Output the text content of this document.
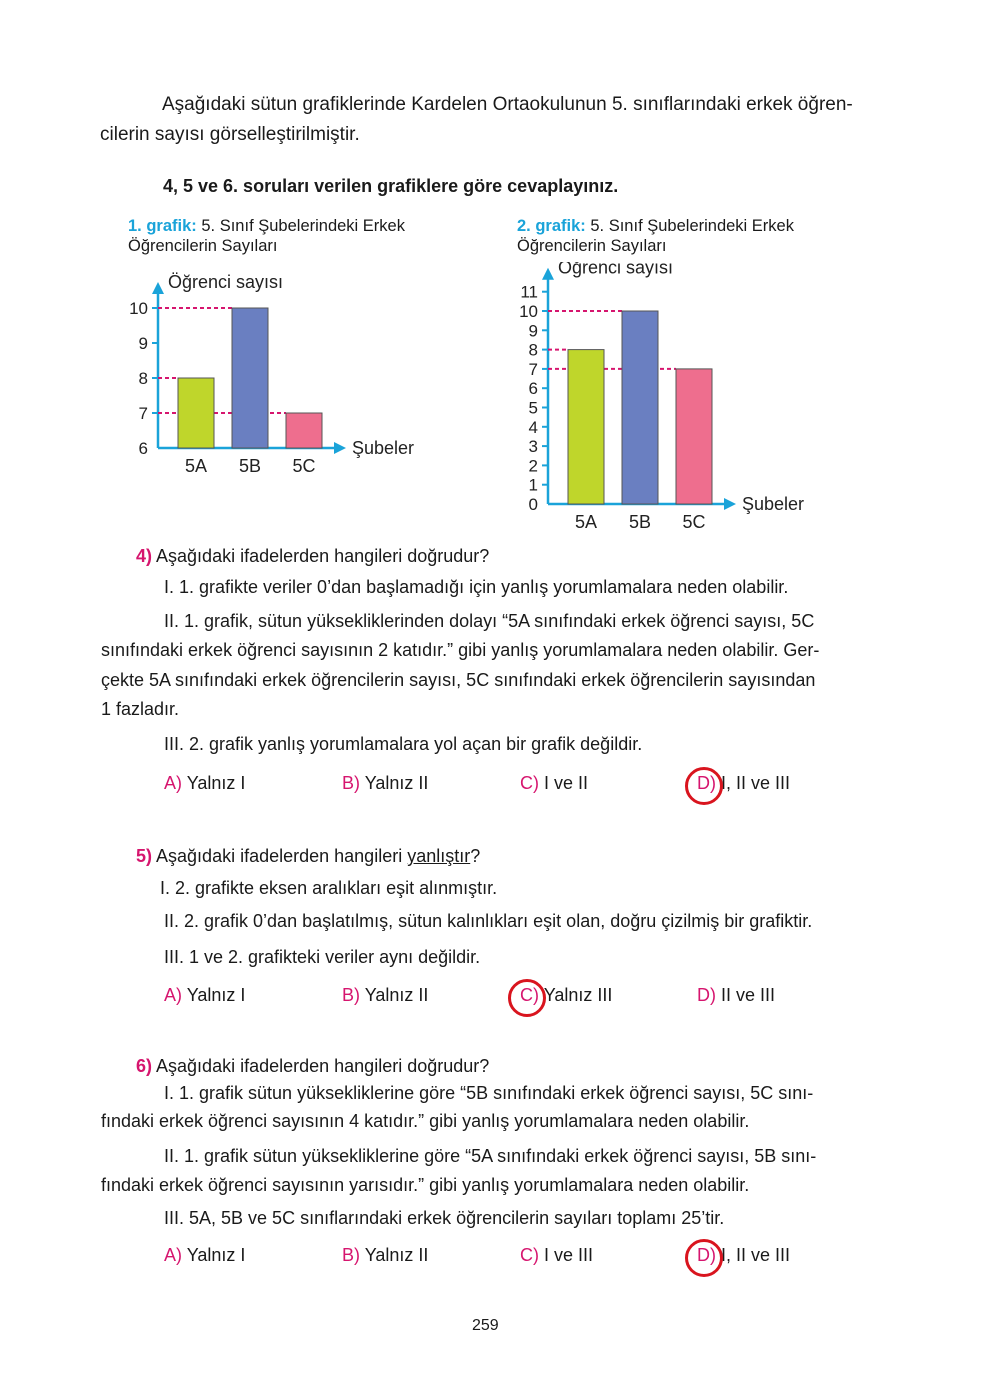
Aşağıdaki sütun grafiklerinde Kardelen Ortaokulunun 5. sınıflarındaki erkek öğren-
cilerin sayısı görselleştirilmiştir.
4, 5 ve 6. soruları verilen grafiklere göre cevaplayınız.
1. grafik: 5. Sınıf Şubelerindeki Erkek
Öğrencilerin Sayıları
2. grafik: 5. Sınıf Şubelerindeki Erkek
Öğrencilerin Sayıları
Öğrenci sayısı
Şubeler
6
7
8
9
10
5A 5B 5C
Öğrenci sayısı
Şubeler
0
1
2
3
4
5
6
7
8
9
10
11
5A 5B 5C
4) Aşağıdaki ifadelerden hangileri doğrudur?
I. 1. grafikte veriler 0’dan başlamadığı için yanlış yorumlamalara neden olabilir.
II. 1. grafik, sütun yüksekliklerinden dolayı “5A sınıfındaki erkek öğrenci sayısı, 5C
sınıfındaki erkek öğrenci sayısının 2 katıdır.” gibi yanlış yorumlamalara neden olabilir. Ger-
çekte 5A sınıfındaki erkek öğrencilerin sayısı, 5C sınıfındaki erkek öğrencilerin sayısından
1 fazladır.
III. 2. grafik yanlış yorumlamalara yol açan bir grafik değildir.
A) Yalnız I	B) Yalnız II	C) I ve II	D) I, II ve III
5) Aşağıdaki ifadelerden hangileri yanlıştır?
I. 2. grafikte eksen aralıkları eşit alınmıştır.
II. 2. grafik 0’dan başlatılmış, sütun kalınlıkları eşit olan, doğru çizilmiş bir grafiktir.
III. 1 ve 2. grafikteki veriler aynı değildir.
A) Yalnız I	B) Yalnız II	C) Yalnız III	D) II ve III
6) Aşağıdaki ifadelerden hangileri doğrudur?
I. 1. grafik sütun yüksekliklerine göre “5B sınıfındaki erkek öğrenci sayısı, 5C sını-
fındaki erkek öğrenci sayısının 4 katıdır.” gibi yanlış yorumlamalara neden olabilir.
II. 1. grafik sütun yüksekliklerine göre “5A sınıfındaki erkek öğrenci sayısı, 5B sını-
fındaki erkek öğrenci sayısının yarısıdır.” gibi yanlış yorumlamalara neden olabilir.
III. 5A, 5B ve 5C sınıflarındaki erkek öğrencilerin sayıları toplamı 25’tir.
A) Yalnız I	B) Yalnız II	C) I ve III	D) I, II ve III
259
